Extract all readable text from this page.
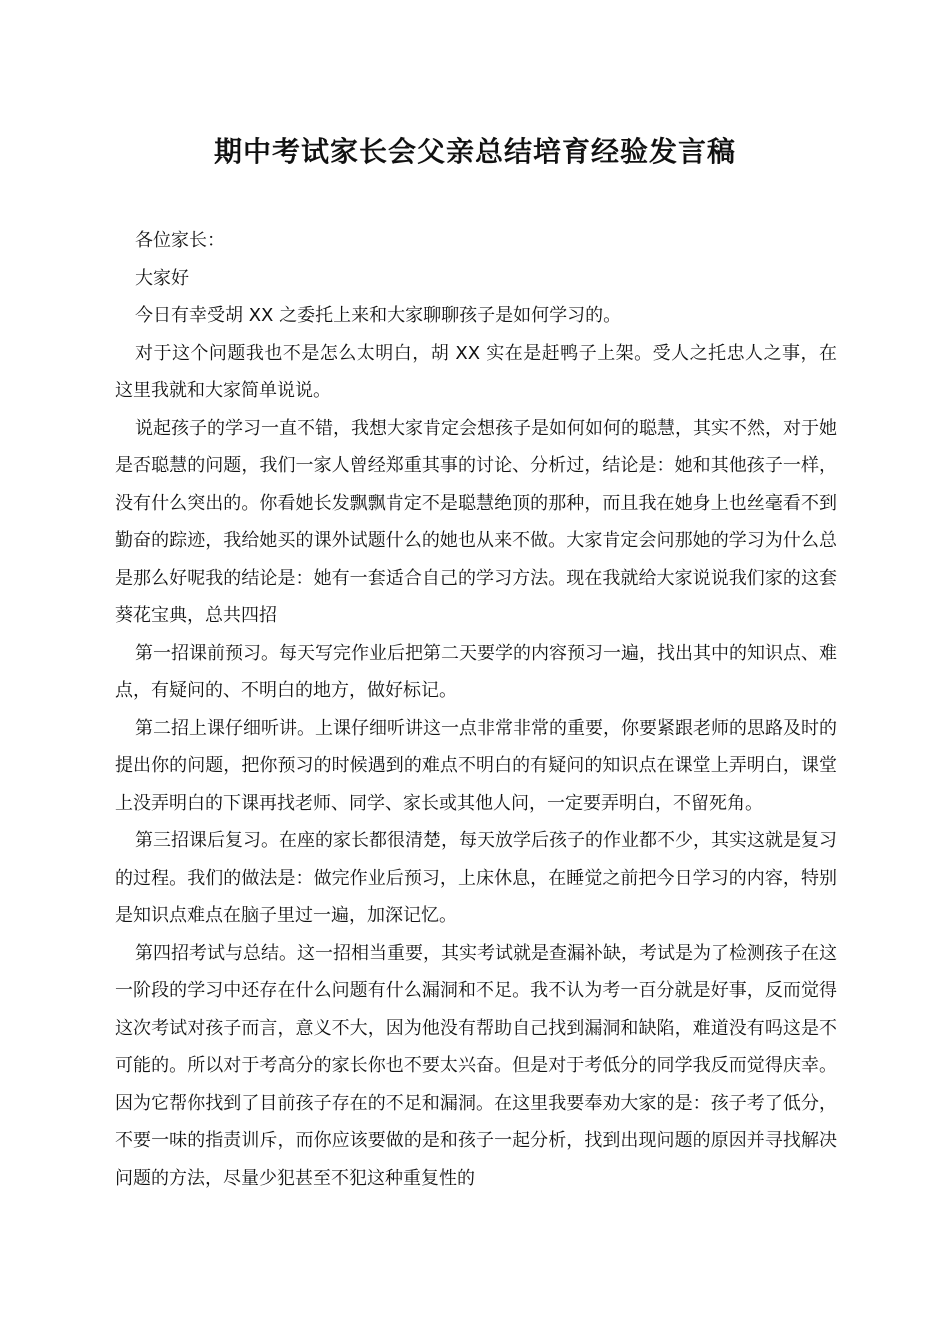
期中考试家长会父亲总结培育经验发言稿

各位家长：

大家好

今日有幸受胡 XX 之委托上来和大家聊聊孩子是如何学习的。

对于这个问题我也不是怎么太明白，胡 XX 实在是赶鸭子上架。受人之托忠人之事，在这里我就和大家简单说说。

说起孩子的学习一直不错，我想大家肯定会想孩子是如何如何的聪慧，其实不然，对于她是否聪慧的问题，我们一家人曾经郑重其事的讨论、分析过，结论是：她和其他孩子一样，没有什么突出的。你看她长发飘飘肯定不是聪慧绝顶的那种，而且我在她身上也丝毫看不到勤奋的踪迹，我给她买的课外试题什么的她也从来不做。大家肯定会问那她的学习为什么总是那么好呢我的结论是：她有一套适合自己的学习方法。现在我就给大家说说我们家的这套葵花宝典，总共四招

第一招课前预习。每天写完作业后把第二天要学的内容预习一遍，找出其中的知识点、难点，有疑问的、不明白的地方，做好标记。

第二招上课仔细听讲。上课仔细听讲这一点非常非常的重要，你要紧跟老师的思路及时的提出你的问题，把你预习的时候遇到的难点不明白的有疑问的知识点在课堂上弄明白，课堂上没弄明白的下课再找老师、同学、家长或其他人问，一定要弄明白，不留死角。

第三招课后复习。在座的家长都很清楚，每天放学后孩子的作业都不少，其实这就是复习的过程。我们的做法是：做完作业后预习，上床休息，在睡觉之前把今日学习的内容，特别是知识点难点在脑子里过一遍，加深记忆。

第四招考试与总结。这一招相当重要，其实考试就是查漏补缺，考试是为了检测孩子在这一阶段的学习中还存在什么问题有什么漏洞和不足。我不认为考一百分就是好事，反而觉得这次考试对孩子而言，意义不大，因为他没有帮助自己找到漏洞和缺陷，难道没有吗这是不可能的。所以对于考高分的家长你也不要太兴奋。但是对于考低分的同学我反而觉得庆幸。因为它帮你找到了目前孩子存在的不足和漏洞。在这里我要奉劝大家的是：孩子考了低分，不要一味的指责训斥，而你应该要做的是和孩子一起分析，找到出现问题的原因并寻找解决问题的方法，尽量少犯甚至不犯这种重复性的
